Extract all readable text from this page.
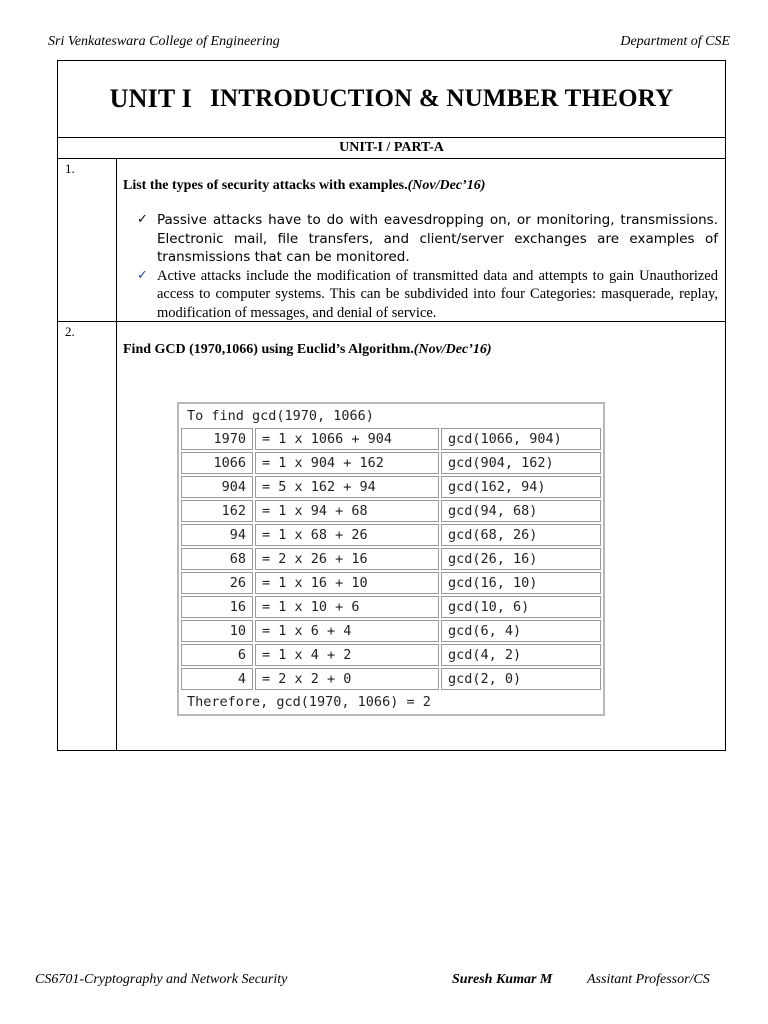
Sri Venkateswara College of Engineering	Department of CSE
UNIT I INTRODUCTION & NUMBER THEORY
UNIT-I / PART-A
1.
List the types of security attacks with examples.(Nov/Dec’16)
✓ Passive attacks have to do with eavesdropping on, or monitoring, transmissions. Electronic mail, file transfers, and client/server exchanges are examples of transmissions that can be monitored.
✓ Active attacks include the modification of transmitted data and attempts to gain Unauthorized access to computer systems. This can be subdivided into four Categories: masquerade, replay, modification of messages, and denial of service.
2.
Find GCD (1970,1066) using Euclid’s Algorithm.(Nov/Dec’16)
To find gcd(1970, 1066)		
1970	= 1 x 1066 + 904	gcd(1066, 904)
1066	= 1 x 904 + 162	gcd(904, 162)
904	= 5 x 162 + 94	gcd(162, 94)
162	= 1 x 94 + 68	gcd(94, 68)
94	= 1 x 68 + 26	gcd(68, 26)
68	= 2 x 26 + 16	gcd(26, 16)
26	= 1 x 16 + 10	gcd(16, 10)
16	= 1 x 10 + 6	gcd(10, 6)
10	= 1 x 6 + 4	gcd(6, 4)
6	= 1 x 4 + 2	gcd(4, 2)
4	= 2 x 2 + 0	gcd(2, 0)
Therefore, gcd(1970, 1066) = 2		
CS6701-Cryptography and Network Security	Suresh Kumar M Assitant Professor/CS
